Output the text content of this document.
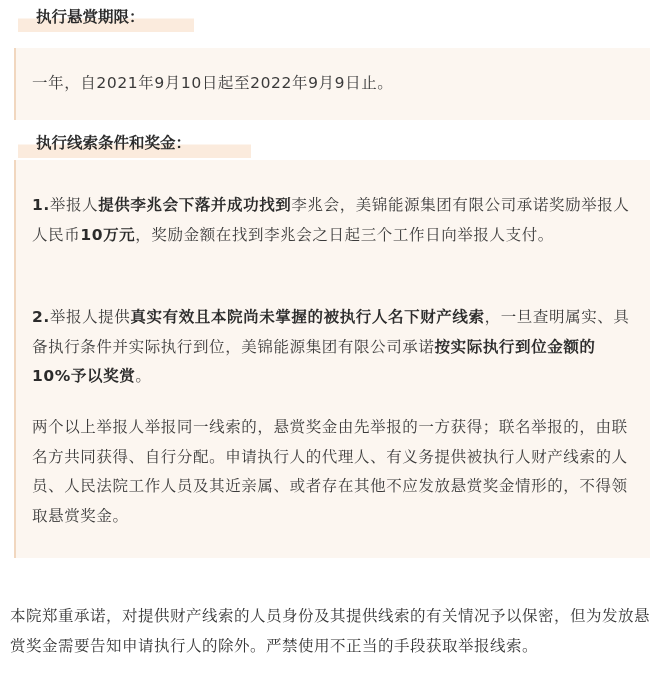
执行悬赏期限：

一年，自2021年9月10日起至2022年9月9日止。

执行线索条件和奖金：

1.举报人提供李兆会下落并成功找到李兆会，美锦能源集团有限公司承诺奖励举报人人民币10万元，奖励金额在找到李兆会之日起三个工作日向举报人支付。

2.举报人提供真实有效且本院尚未掌握的被执行人名下财产线索，一旦查明属实、具备执行条件并实际执行到位，美锦能源集团有限公司承诺按实际执行到位金额的10%予以奖赏。

两个以上举报人举报同一线索的，悬赏奖金由先举报的一方获得；联名举报的，由联名方共同获得、自行分配。申请执行人的代理人、有义务提供被执行人财产线索的人员、人民法院工作人员及其近亲属、或者存在其他不应发放悬赏奖金情形的，不得领取悬赏奖金。

本院郑重承诺，对提供财产线索的人员身份及其提供线索的有关情况予以保密，但为发放悬赏奖金需要告知申请执行人的除外。严禁使用不正当的手段获取举报线索。
